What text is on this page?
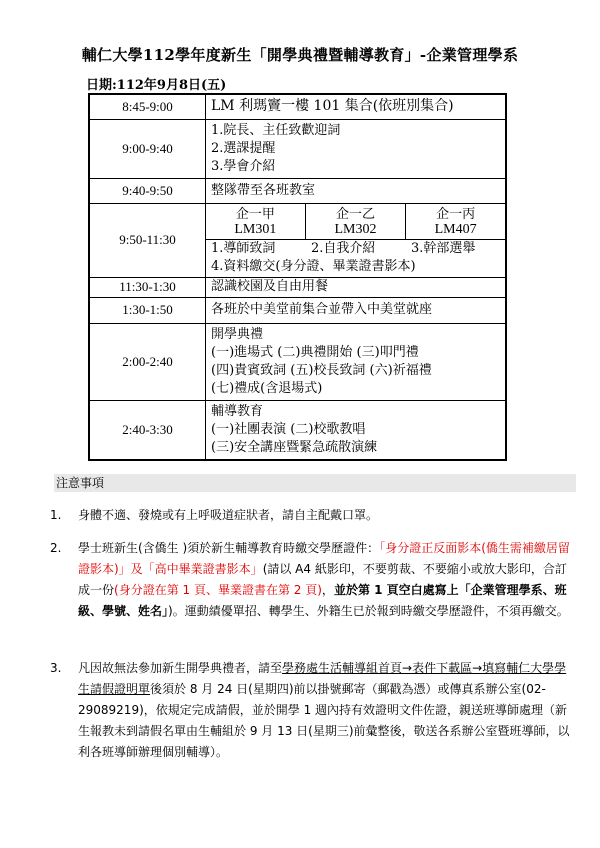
輔仁大學112學年度新生「開學典禮暨輔導教育」-企業管理學系
日期:112年9月8日(五)
8:45-9:00	LM 利瑪竇一樓 101 集合(依班別集合)
9:00-9:40	
1.院長、主任致歡迎詞
2.選課提醒
3.學會介紹

9:40-9:50	整隊帶至各班教室

9:50-11:30	
企一甲
LM301

企一乙
LM302

企一丙
LM407

1.導師致詞	2.自我介紹	3.幹部選舉
4.資料繳交(身分證、畢業證書影本)

11:30-1:30	認識校園及自由用餐

1:30-1:50	各班於中美堂前集合並帶入中美堂就座

2:00-2:40	
開學典禮
(一)進場式 (二)典禮開始 (三)叩門禮
(四)貴賓致詞 (五)校長致詞 (六)祈福禮
(七)禮成(含退場式)

2:40-3:30	
輔導教育
(一)社團表演 (二)校歌教唱
(三)安全講座暨緊急疏散演練
注意事項
1. 身體不適、發燒或有上呼吸道症狀者，請自主配戴口罩。
2. 學士班新生(含僑生 )須於新生輔導教育時繳交學歷證件：「身分證正反面影本(僑生需補繳居留證影本)」及「高中畢業證書影本」(請以 A4 紙影印，不要剪裁、不要縮小或放大影印，合訂成一份(身分證在第 1 頁、畢業證書在第 2 頁)，並於第 1 頁空白處寫上「企業管理學系、班級、學號、姓名」)。運動績優單招、轉學生、外籍生已於報到時繳交學歷證件，不須再繳交。
3. 凡因故無法參加新生開學典禮者，請至學務處生活輔導組首頁→表件下載區→填寫輔仁大學學生請假證明單後須於 8 月 24 日(星期四)前以掛號郵寄（郵戳為憑）或傳真系辦公室(02-29089219)，依規定完成請假，並於開學 1 週內持有效證明文件佐證，親送班導師處理（新生報教未到請假名單由生輔組於 9 月 13 日(星期三)前彙整後，敬送各系辦公室暨班導師，以利各班導師辦理個別輔導）。
